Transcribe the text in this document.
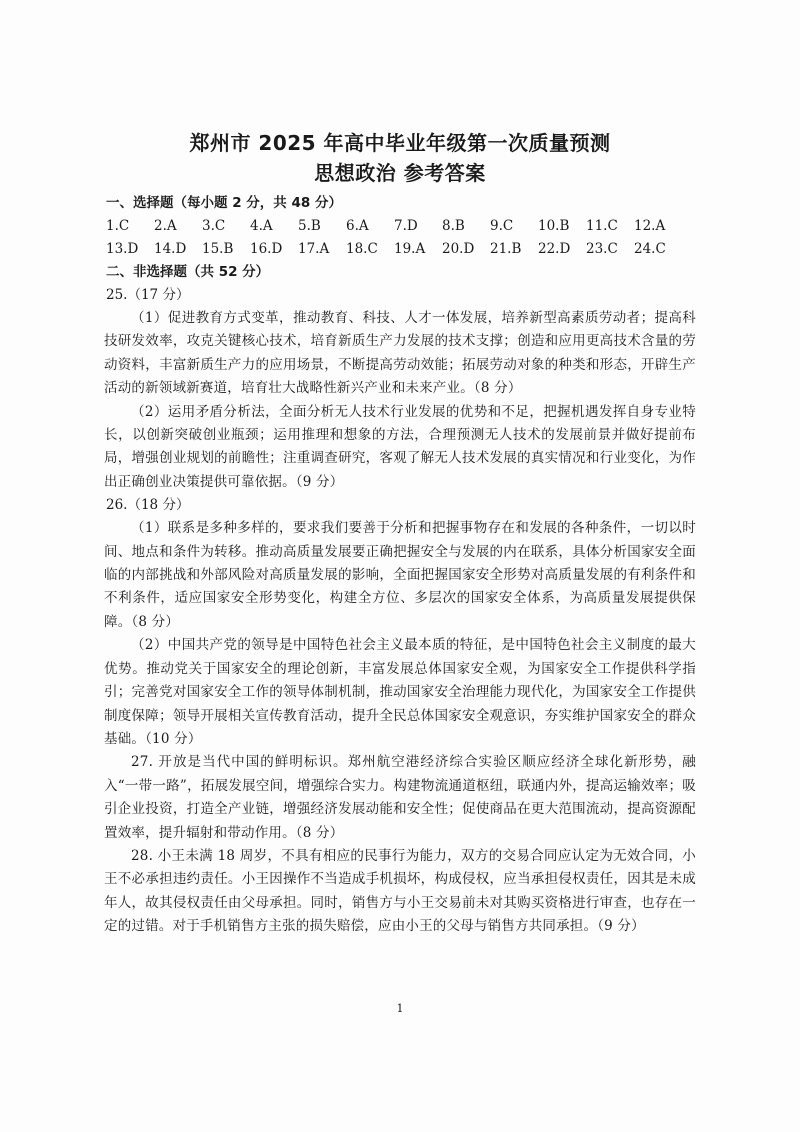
郑州市 2025 年高中毕业年级第一次质量预测
思想政治 参考答案
一、选择题（每小题 2 分，共 48 分）
1.C	2.A	3.C	4.A	5.B	6.A	7.D	8.B	9.C	10.B	11.C	12.A
13.D	14.D	15.B	16.D	17.A	18.C	19.A	20.D	21.B	22.D	23.C	24.C
二、非选择题（共 52 分）
25.（17 分）

（1）促进教育方式变革，推动教育、科技、人才一体发展，培养新型高素质劳动者；提高科技研发效率，攻克关键核心技术，培育新质生产力发展的技术支撑；创造和应用更高技术含量的劳动资料，丰富新质生产力的应用场景，不断提高劳动效能；拓展劳动对象的种类和形态，开辟生产活动的新领域新赛道，培育壮大战略性新兴产业和未来产业。（8 分）

（2）运用矛盾分析法，全面分析无人技术行业发展的优势和不足，把握机遇发挥自身专业特长，以创新突破创业瓶颈；运用推理和想象的方法，合理预测无人技术的发展前景并做好提前布局，增强创业规划的前瞻性；注重调查研究，客观了解无人技术发展的真实情况和行业变化，为作出正确创业决策提供可靠依据。（9 分）

26.（18 分）

（1）联系是多种多样的，要求我们要善于分析和把握事物存在和发展的各种条件，一切以时间、地点和条件为转移。推动高质量发展要正确把握安全与发展的内在联系，具体分析国家安全面临的内部挑战和外部风险对高质量发展的影响，全面把握国家安全形势对高质量发展的有利条件和不利条件，适应国家安全形势变化，构建全方位、多层次的国家安全体系，为高质量发展提供保障。（8 分）

（2）中国共产党的领导是中国特色社会主义最本质的特征，是中国特色社会主义制度的最大优势。推动党关于国家安全的理论创新，丰富发展总体国家安全观，为国家安全工作提供科学指引；完善党对国家安全工作的领导体制机制，推动国家安全治理能力现代化，为国家安全工作提供制度保障；领导开展相关宣传教育活动，提升全民总体国家安全观意识，夯实维护国家安全的群众基础。（10 分）

27. 开放是当代中国的鲜明标识。郑州航空港经济综合实验区顺应经济全球化新形势，融入“一带一路”，拓展发展空间，增强综合实力。构建物流通道枢纽，联通内外，提高运输效率；吸引企业投资，打造全产业链，增强经济发展动能和安全性；促使商品在更大范围流动，提高资源配置效率，提升辐射和带动作用。（8 分）

28. 小王未满 18 周岁，不具有相应的民事行为能力，双方的交易合同应认定为无效合同，小王不必承担违约责任。小王因操作不当造成手机损坏，构成侵权，应当承担侵权责任，因其是未成年人，故其侵权责任由父母承担。同时，销售方与小王交易前未对其购买资格进行审查，也存在一定的过错。对于手机销售方主张的损失赔偿，应由小王的父母与销售方共同承担。（9 分）

1
